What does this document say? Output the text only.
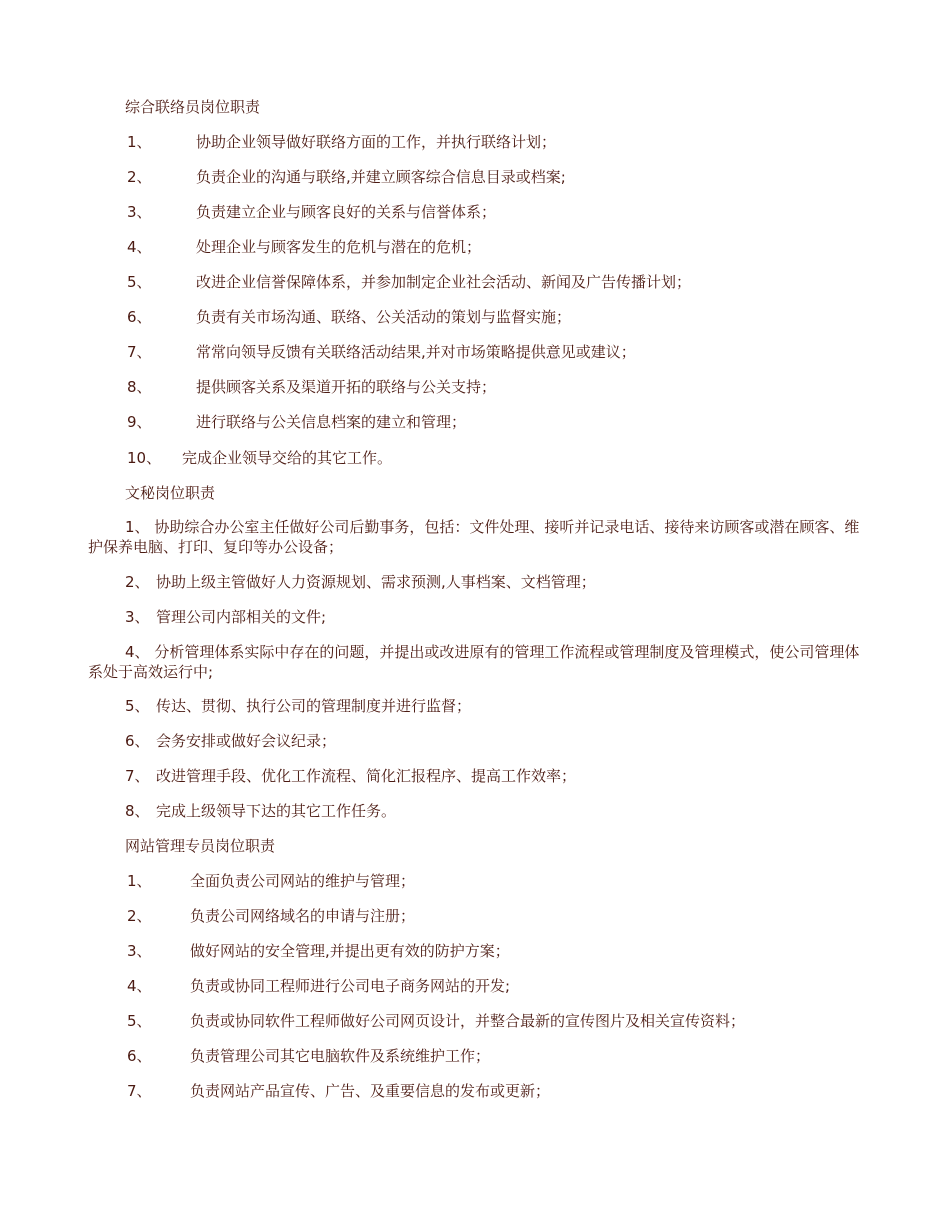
综合联络员岗位职责
1、	协助企业领导做好联络方面的工作，并执行联络计划；
2、	负责企业的沟通与联络,并建立顾客综合信息目录或档案;
3、	负责建立企业与顾客良好的关系与信誉体系；
4、	处理企业与顾客发生的危机与潜在的危机；
5、	改进企业信誉保障体系，并参加制定企业社会活动、新闻及广告传播计划；
6、	负责有关市场沟通、联络、公关活动的策划与监督实施；
7、	常常向领导反馈有关联络活动结果,并对市场策略提供意见或建议；
8、	提供顾客关系及渠道开拓的联络与公关支持；
9、	进行联络与公关信息档案的建立和管理；
10、 完成企业领导交给的其它工作。
文秘岗位职责
1、 协助综合办公室主任做好公司后勤事务，包括：文件处理、接听并记录电话、接待来访顾客或潜在顾客、维护保养电脑、打印、复印等办公设备；
2、 协助上级主管做好人力资源规划、需求预测,人事档案、文档管理；
3、 管理公司内部相关的文件;
4、 分析管理体系实际中存在的问题，并提出或改进原有的管理工作流程或管理制度及管理模式，使公司管理体系处于高效运行中;
5、 传达、贯彻、执行公司的管理制度并进行监督；
6、 会务安排或做好会议纪录；
7、 改进管理手段、优化工作流程、简化汇报程序、提高工作效率；
8、 完成上级领导下达的其它工作任务。
网站管理专员岗位职责
1、	全面负责公司网站的维护与管理；
2、	负责公司网络域名的申请与注册；
3、	做好网站的安全管理,并提出更有效的防护方案；
4、	负责或协同工程师进行公司电子商务网站的开发;
5、	负责或协同软件工程师做好公司网页设计，并整合最新的宣传图片及相关宣传资料；
6、	负责管理公司其它电脑软件及系统维护工作；
7、	负责网站产品宣传、广告、及重要信息的发布或更新；
